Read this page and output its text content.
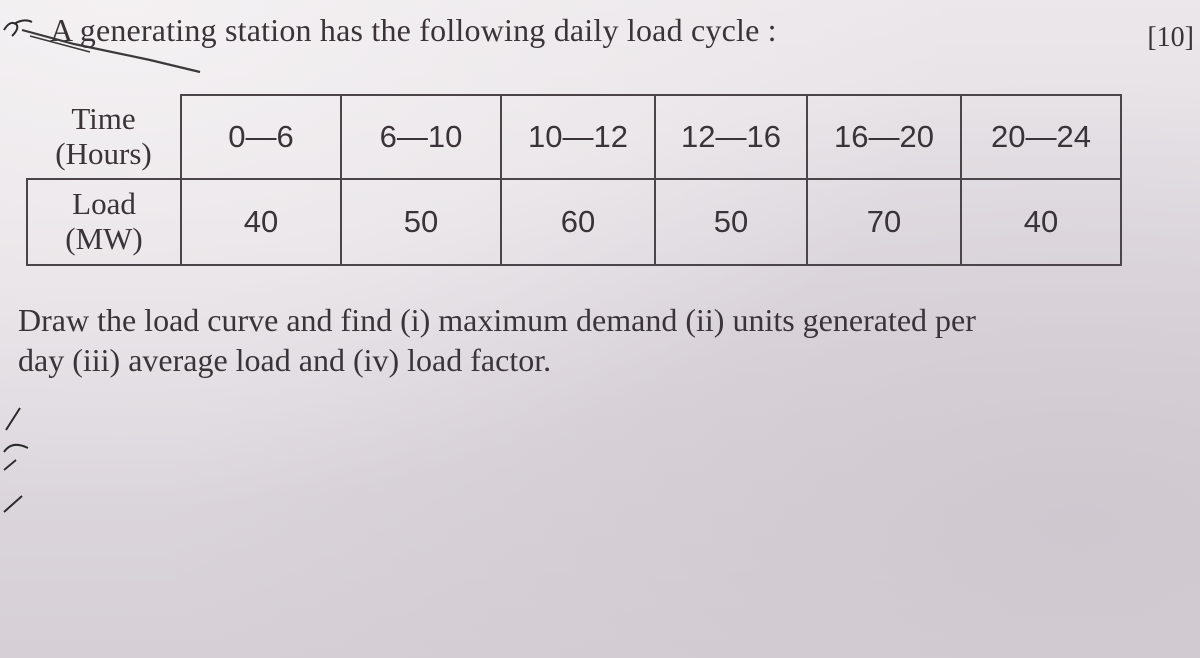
A generating station has the following daily load cycle :	[10]
Time
(Hours)	0—6	6—10	10—12	12—16	16—20	20—24

Load
(MW)	40	50	60	50	70	40
Draw the load curve and find (i) maximum demand (ii) units generated per
day (iii) average load and (iv) load factor.
